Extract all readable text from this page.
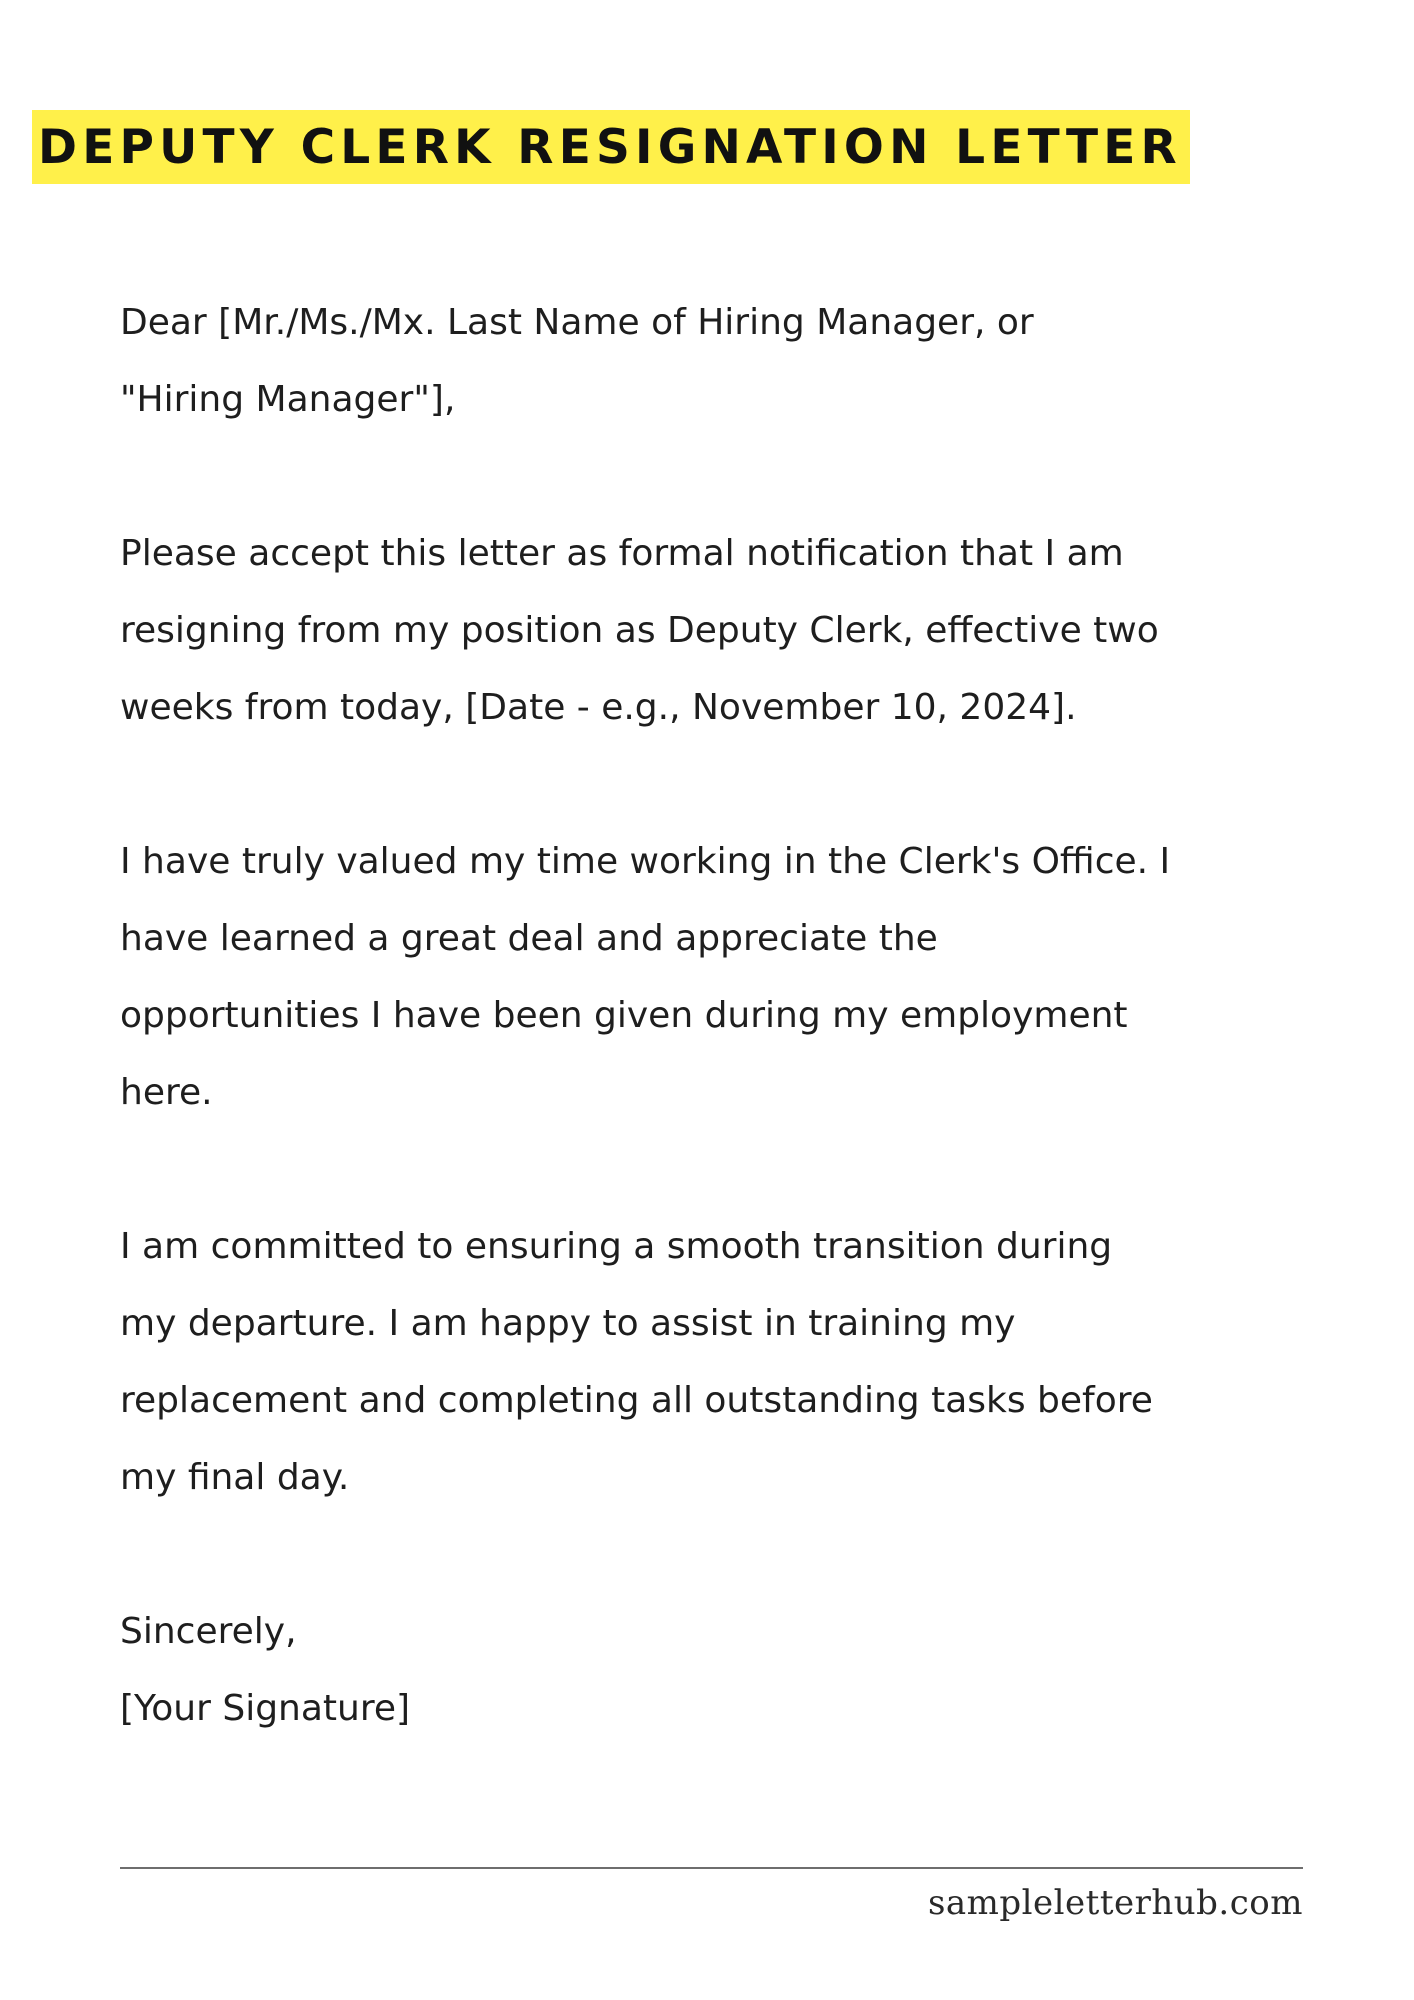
DEPUTY CLERK RESIGNATION LETTER

Dear [Mr./Ms./Mx. Last Name of Hiring Manager, or
"Hiring Manager"],

Please accept this letter as formal notification that I am
resigning from my position as Deputy Clerk, effective two
weeks from today, [Date - e.g., November 10, 2024].

I have truly valued my time working in the Clerk's Office. I
have learned a great deal and appreciate the
opportunities I have been given during my employment
here.

I am committed to ensuring a smooth transition during
my departure. I am happy to assist in training my
replacement and completing all outstanding tasks before
my final day.

Sincerely,
[Your Signature]
sampleletterhub.com
